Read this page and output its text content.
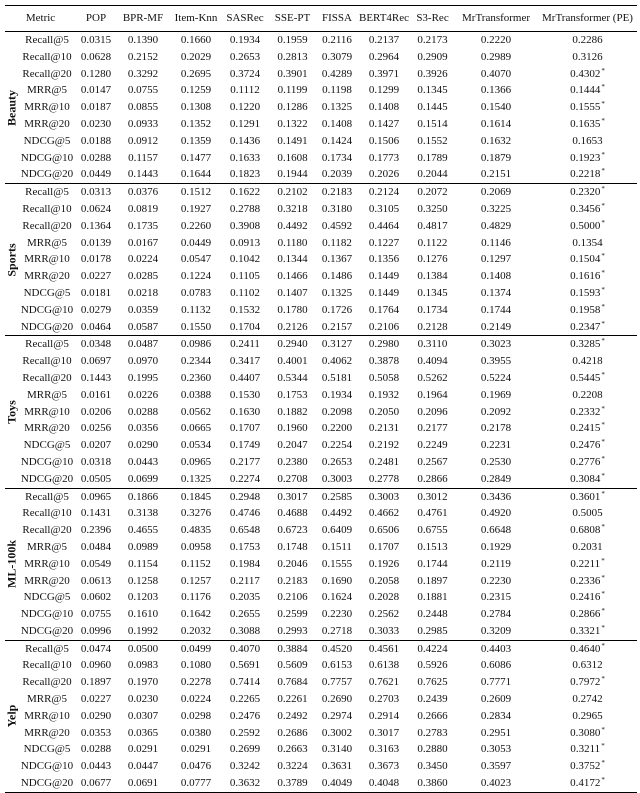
Metric		POP	BPR-MF	Item-Knn	SASRec	SSE-PT	FISSA	BERT4Rec	S3-Rec	MrTransformer	MrTransformer (PE)

Beauty	Recall@5	0.0315	0.1390	0.1660	0.1934	0.1959	0.2116	0.2137	0.2173	0.2220	0.2286
	Recall@10	0.0628	0.2152	0.2029	0.2653	0.2813	0.3079	0.2964	0.2909	0.2989	0.3126
	Recall@20	0.1280	0.3292	0.2695	0.3724	0.3901	0.4289	0.3971	0.3926	0.4070	0.4302*
	MRR@5	0.0147	0.0755	0.1259	0.1112	0.1199	0.1198	0.1299	0.1345	0.1366	0.1444*
	MRR@10	0.0187	0.0855	0.1308	0.1220	0.1286	0.1325	0.1408	0.1445	0.1540	0.1555*
	MRR@20	0.0230	0.0933	0.1352	0.1291	0.1322	0.1408	0.1427	0.1514	0.1614	0.1635*
	NDCG@5	0.0188	0.0912	0.1359	0.1436	0.1491	0.1424	0.1506	0.1552	0.1632	0.1653
	NDCG@10	0.0288	0.1157	0.1477	0.1633	0.1608	0.1734	0.1773	0.1789	0.1879	0.1923*
	NDCG@20	0.0449	0.1443	0.1644	0.1823	0.1944	0.2039	0.2026	0.2044	0.2151	0.2218*

Sports	Recall@5	0.0313	0.0376	0.1512	0.1622	0.2102	0.2183	0.2124	0.2072	0.2069	0.2320*
	Recall@10	0.0624	0.0819	0.1927	0.2788	0.3218	0.3180	0.3105	0.3250	0.3225	0.3456*
	Recall@20	0.1364	0.1735	0.2260	0.3908	0.4492	0.4592	0.4464	0.4817	0.4829	0.5000*
	MRR@5	0.0139	0.0167	0.0449	0.0913	0.1180	0.1182	0.1227	0.1122	0.1146	0.1354
	MRR@10	0.0178	0.0224	0.0547	0.1042	0.1344	0.1367	0.1356	0.1276	0.1297	0.1504*
	MRR@20	0.0227	0.0285	0.1224	0.1105	0.1466	0.1486	0.1449	0.1384	0.1408	0.1616*
	NDCG@5	0.0181	0.0218	0.0783	0.1102	0.1407	0.1325	0.1449	0.1345	0.1374	0.1593*
	NDCG@10	0.0279	0.0359	0.1132	0.1532	0.1780	0.1726	0.1764	0.1734	0.1744	0.1958*
	NDCG@20	0.0464	0.0587	0.1550	0.1704	0.2126	0.2157	0.2106	0.2128	0.2149	0.2347*

Toys	Recall@5	0.0348	0.0487	0.0986	0.2411	0.2940	0.3127	0.2980	0.3110	0.3023	0.3285*
	Recall@10	0.0697	0.0970	0.2344	0.3417	0.4001	0.4062	0.3878	0.4094	0.3955	0.4218
	Recall@20	0.1443	0.1995	0.2360	0.4407	0.5344	0.5181	0.5058	0.5262	0.5224	0.5445*
	MRR@5	0.0161	0.0226	0.0388	0.1530	0.1753	0.1934	0.1932	0.1964	0.1969	0.2208
	MRR@10	0.0206	0.0288	0.0562	0.1630	0.1882	0.2098	0.2050	0.2096	0.2092	0.2332*
	MRR@20	0.0256	0.0356	0.0665	0.1707	0.1960	0.2200	0.2131	0.2177	0.2178	0.2415*
	NDCG@5	0.0207	0.0290	0.0534	0.1749	0.2047	0.2254	0.2192	0.2249	0.2231	0.2476*
	NDCG@10	0.0318	0.0443	0.0965	0.2177	0.2380	0.2653	0.2481	0.2567	0.2530	0.2776*
	NDCG@20	0.0505	0.0699	0.1325	0.2274	0.2708	0.3003	0.2778	0.2866	0.2849	0.3084*

ML-100k	Recall@5	0.0965	0.1866	0.1845	0.2948	0.3017	0.2585	0.3003	0.3012	0.3436	0.3601*
	Recall@10	0.1431	0.3138	0.3276	0.4746	0.4688	0.4492	0.4662	0.4761	0.4920	0.5005
	Recall@20	0.2396	0.4655	0.4835	0.6548	0.6723	0.6409	0.6506	0.6755	0.6648	0.6808*
	MRR@5	0.0484	0.0989	0.0958	0.1753	0.1748	0.1511	0.1707	0.1513	0.1929	0.2031
	MRR@10	0.0549	0.1154	0.1152	0.1984	0.2046	0.1555	0.1926	0.1744	0.2119	0.2211*
	MRR@20	0.0613	0.1258	0.1257	0.2117	0.2183	0.1690	0.2058	0.1897	0.2230	0.2336*
	NDCG@5	0.0602	0.1203	0.1176	0.2035	0.2106	0.1624	0.2028	0.1881	0.2315	0.2416*
	NDCG@10	0.0755	0.1610	0.1642	0.2655	0.2599	0.2230	0.2562	0.2448	0.2784	0.2866*
	NDCG@20	0.0996	0.1992	0.2032	0.3088	0.2993	0.2718	0.3033	0.2985	0.3209	0.3321*

Yelp	Recall@5	0.0474	0.0500	0.0499	0.4070	0.3884	0.4520	0.4561	0.4224	0.4403	0.4640*
	Recall@10	0.0960	0.0983	0.1080	0.5691	0.5609	0.6153	0.6138	0.5926	0.6086	0.6312
	Recall@20	0.1897	0.1970	0.2278	0.7414	0.7684	0.7757	0.7621	0.7625	0.7771	0.7972*
	MRR@5	0.0227	0.0230	0.0224	0.2265	0.2261	0.2690	0.2703	0.2439	0.2609	0.2742
	MRR@10	0.0290	0.0307	0.0298	0.2476	0.2492	0.2974	0.2914	0.2666	0.2834	0.2965
	MRR@20	0.0353	0.0365	0.0380	0.2592	0.2686	0.3002	0.3017	0.2783	0.2951	0.3080*
	NDCG@5	0.0288	0.0291	0.0291	0.2699	0.2663	0.3140	0.3163	0.2880	0.3053	0.3211*
	NDCG@10	0.0443	0.0447	0.0476	0.3242	0.3224	0.3631	0.3673	0.3450	0.3597	0.3752*
	NDCG@20	0.0677	0.0691	0.0777	0.3632	0.3789	0.4049	0.4048	0.3860	0.4023	0.4172*
